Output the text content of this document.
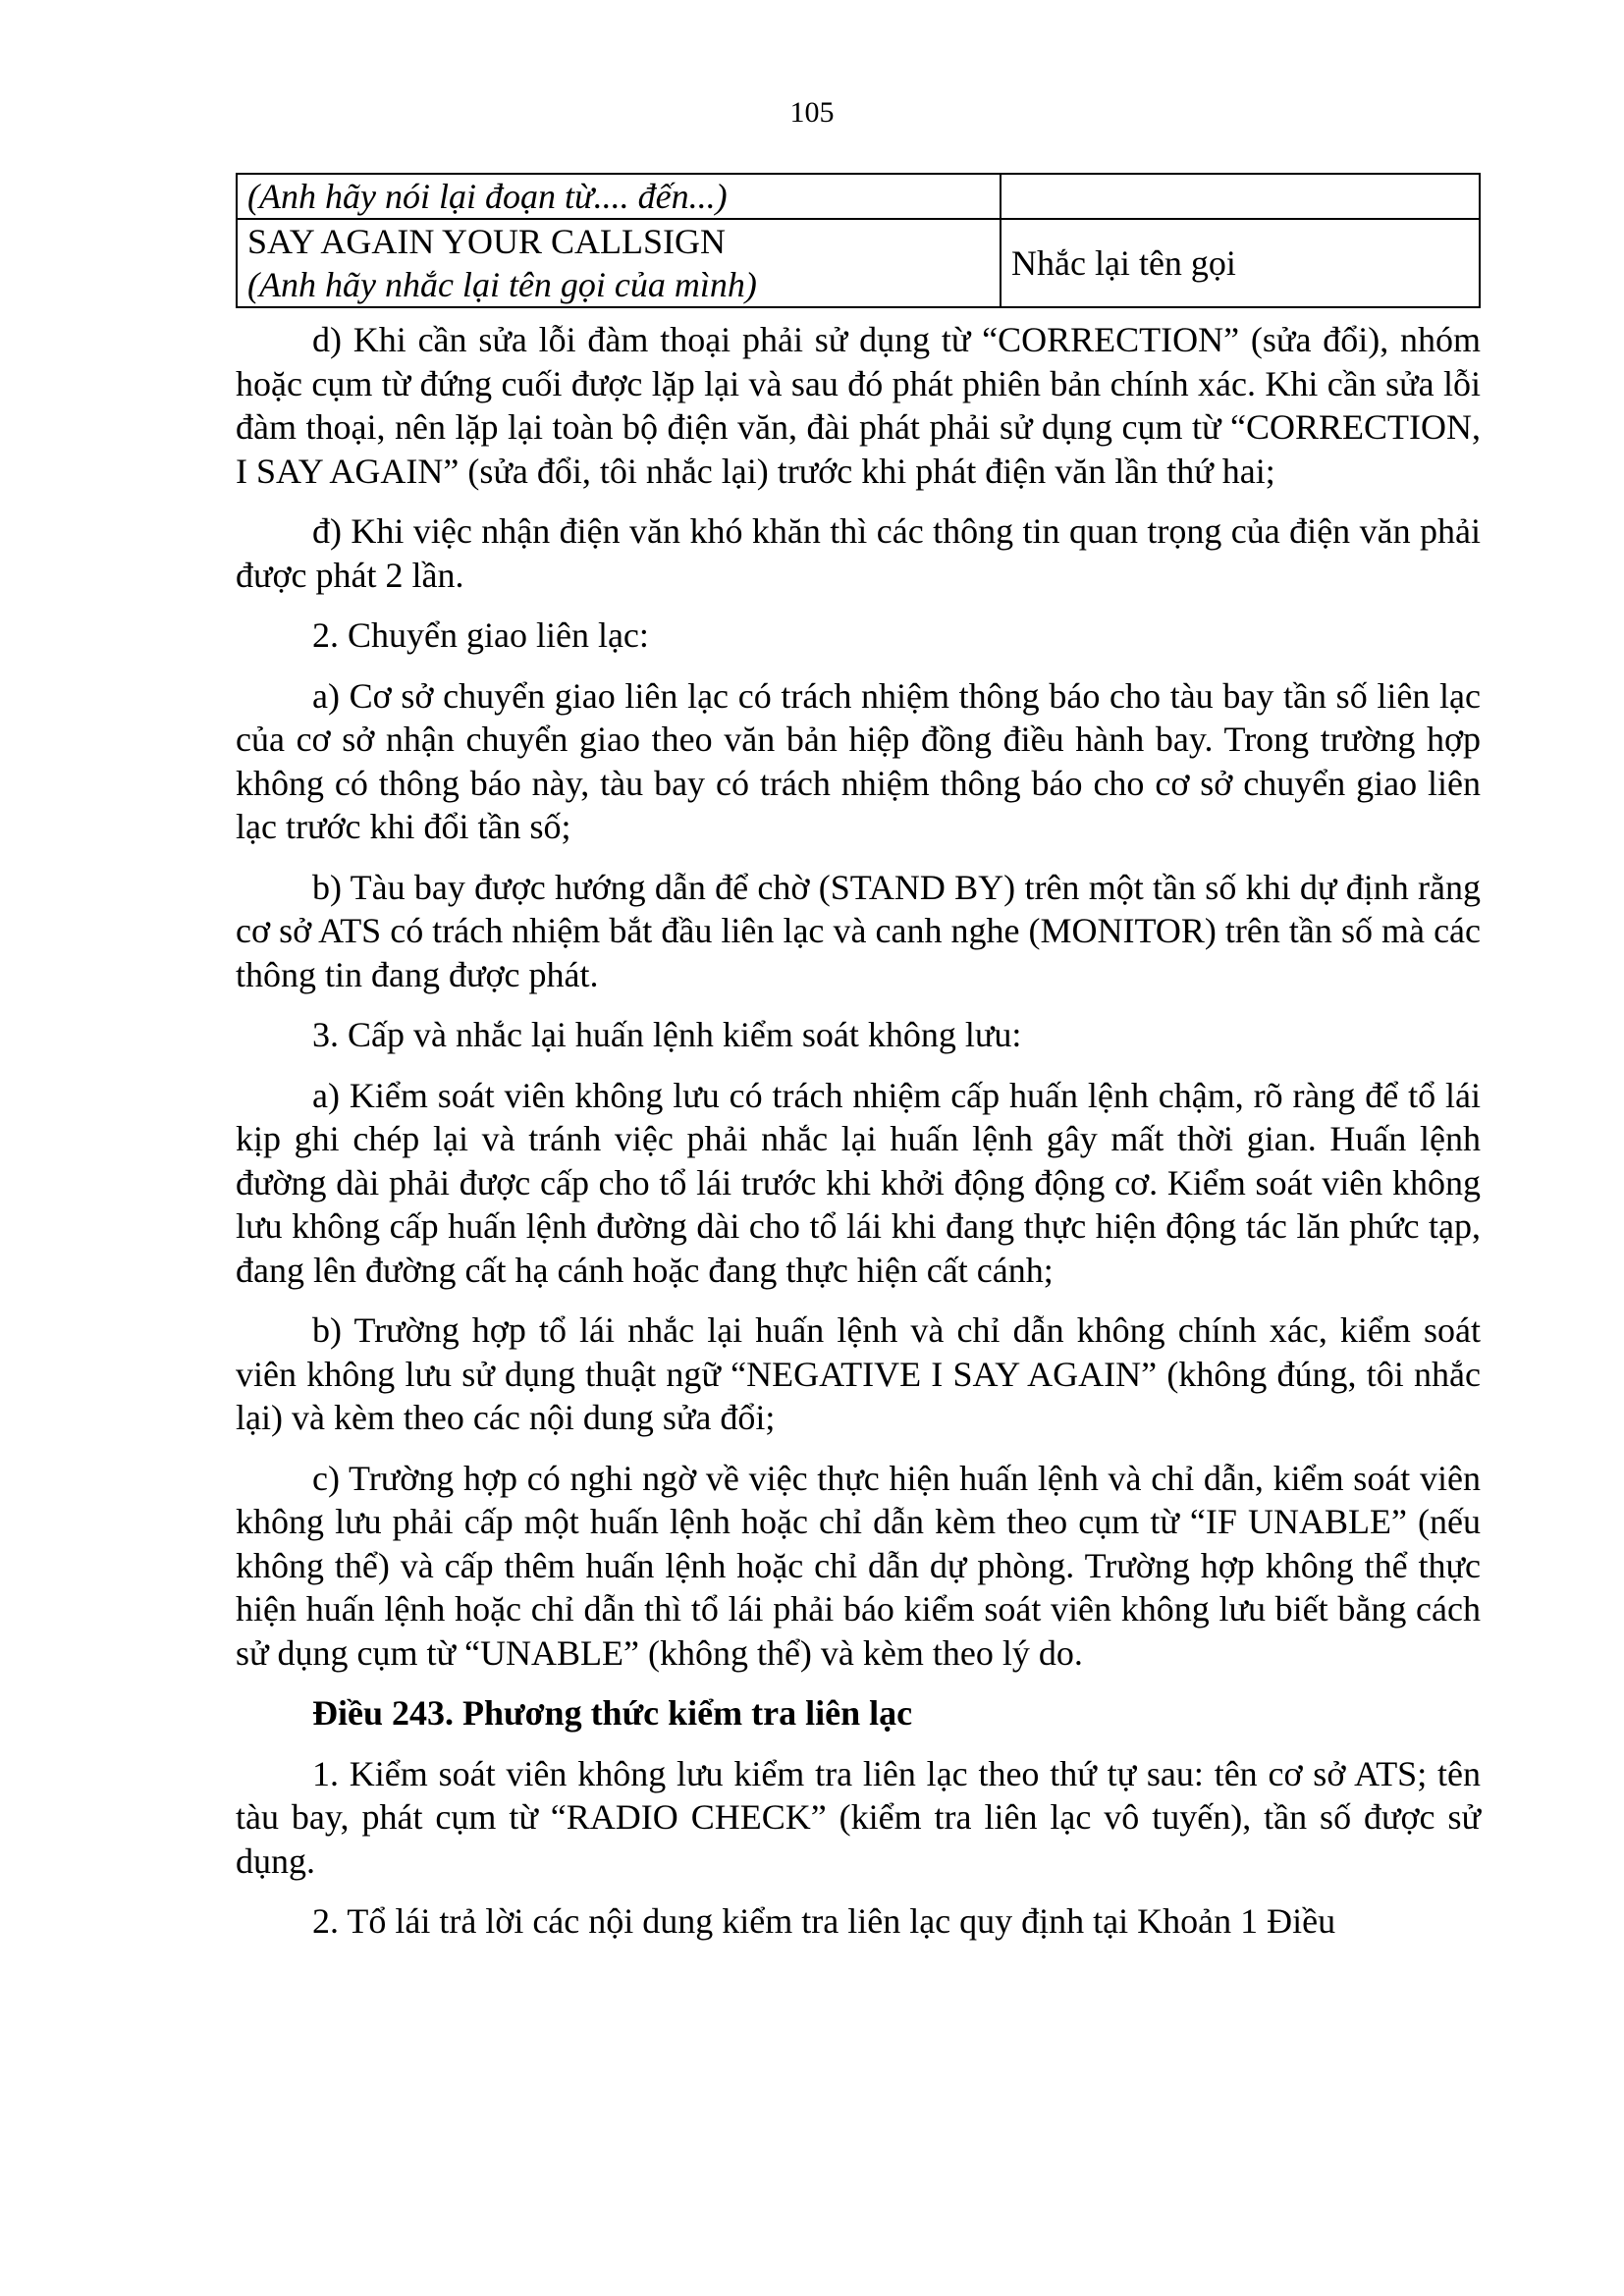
105
(Anh hãy nói lại đoạn từ.... đến...)	

SAY AGAIN YOUR CALLSIGN
(Anh hãy nhắc lại tên gọi của mình)	Nhắc lại tên gọi

d) Khi cần sửa lỗi đàm thoại phải sử dụng từ “CORRECTION” (sửa đổi), nhóm hoặc cụm từ đứng cuối được lặp lại và sau đó phát phiên bản chính xác. Khi cần sửa lỗi đàm thoại, nên lặp lại toàn bộ điện văn, đài phát phải sử dụng cụm từ “CORRECTION, I SAY AGAIN” (sửa đổi, tôi nhắc lại) trước khi phát điện văn lần thứ hai;

đ) Khi việc nhận điện văn khó khăn thì các thông tin quan trọng của điện văn phải được phát 2 lần.

2. Chuyển giao liên lạc:

a) Cơ sở chuyển giao liên lạc có trách nhiệm thông báo cho tàu bay tần số liên lạc của cơ sở nhận chuyển giao theo văn bản hiệp đồng điều hành bay. Trong trường hợp không có thông báo này, tàu bay có trách nhiệm thông báo cho cơ sở chuyển giao liên lạc trước khi đổi tần số;

b) Tàu bay được hướng dẫn để chờ (STAND BY) trên một tần số khi dự định rằng cơ sở ATS có trách nhiệm bắt đầu liên lạc và canh nghe (MONITOR) trên tần số mà các thông tin đang được phát.

3. Cấp và nhắc lại huấn lệnh kiểm soát không lưu:

a) Kiểm soát viên không lưu có trách nhiệm cấp huấn lệnh chậm, rõ ràng để tổ lái kịp ghi chép lại và tránh việc phải nhắc lại huấn lệnh gây mất thời gian. Huấn lệnh đường dài phải được cấp cho tổ lái trước khi khởi động động cơ. Kiểm soát viên không lưu không cấp huấn lệnh đường dài cho tổ lái khi đang thực hiện động tác lăn phức tạp, đang lên đường cất hạ cánh hoặc đang thực hiện cất cánh;

b) Trường hợp tổ lái nhắc lại huấn lệnh và chỉ dẫn không chính xác, kiểm soát viên không lưu sử dụng thuật ngữ “NEGATIVE I SAY AGAIN” (không đúng, tôi nhắc lại) và kèm theo các nội dung sửa đổi;

c) Trường hợp có nghi ngờ về việc thực hiện huấn lệnh và chỉ dẫn, kiểm soát viên không lưu phải cấp một huấn lệnh hoặc chỉ dẫn kèm theo cụm từ “IF UNABLE” (nếu không thể) và cấp thêm huấn lệnh hoặc chỉ dẫn dự phòng. Trường hợp không thể thực hiện huấn lệnh hoặc chỉ dẫn thì tổ lái phải báo kiểm soát viên không lưu biết bằng cách sử dụng cụm từ “UNABLE” (không thể) và kèm theo lý do.

Điều 243. Phương thức kiểm tra liên lạc

1. Kiểm soát viên không lưu kiểm tra liên lạc theo thứ tự sau: tên cơ sở ATS; tên tàu bay, phát cụm từ “RADIO CHECK” (kiểm tra liên lạc vô tuyến), tần số được sử dụng.

2. Tổ lái trả lời các nội dung kiểm tra liên lạc quy định tại Khoản 1 Điều
